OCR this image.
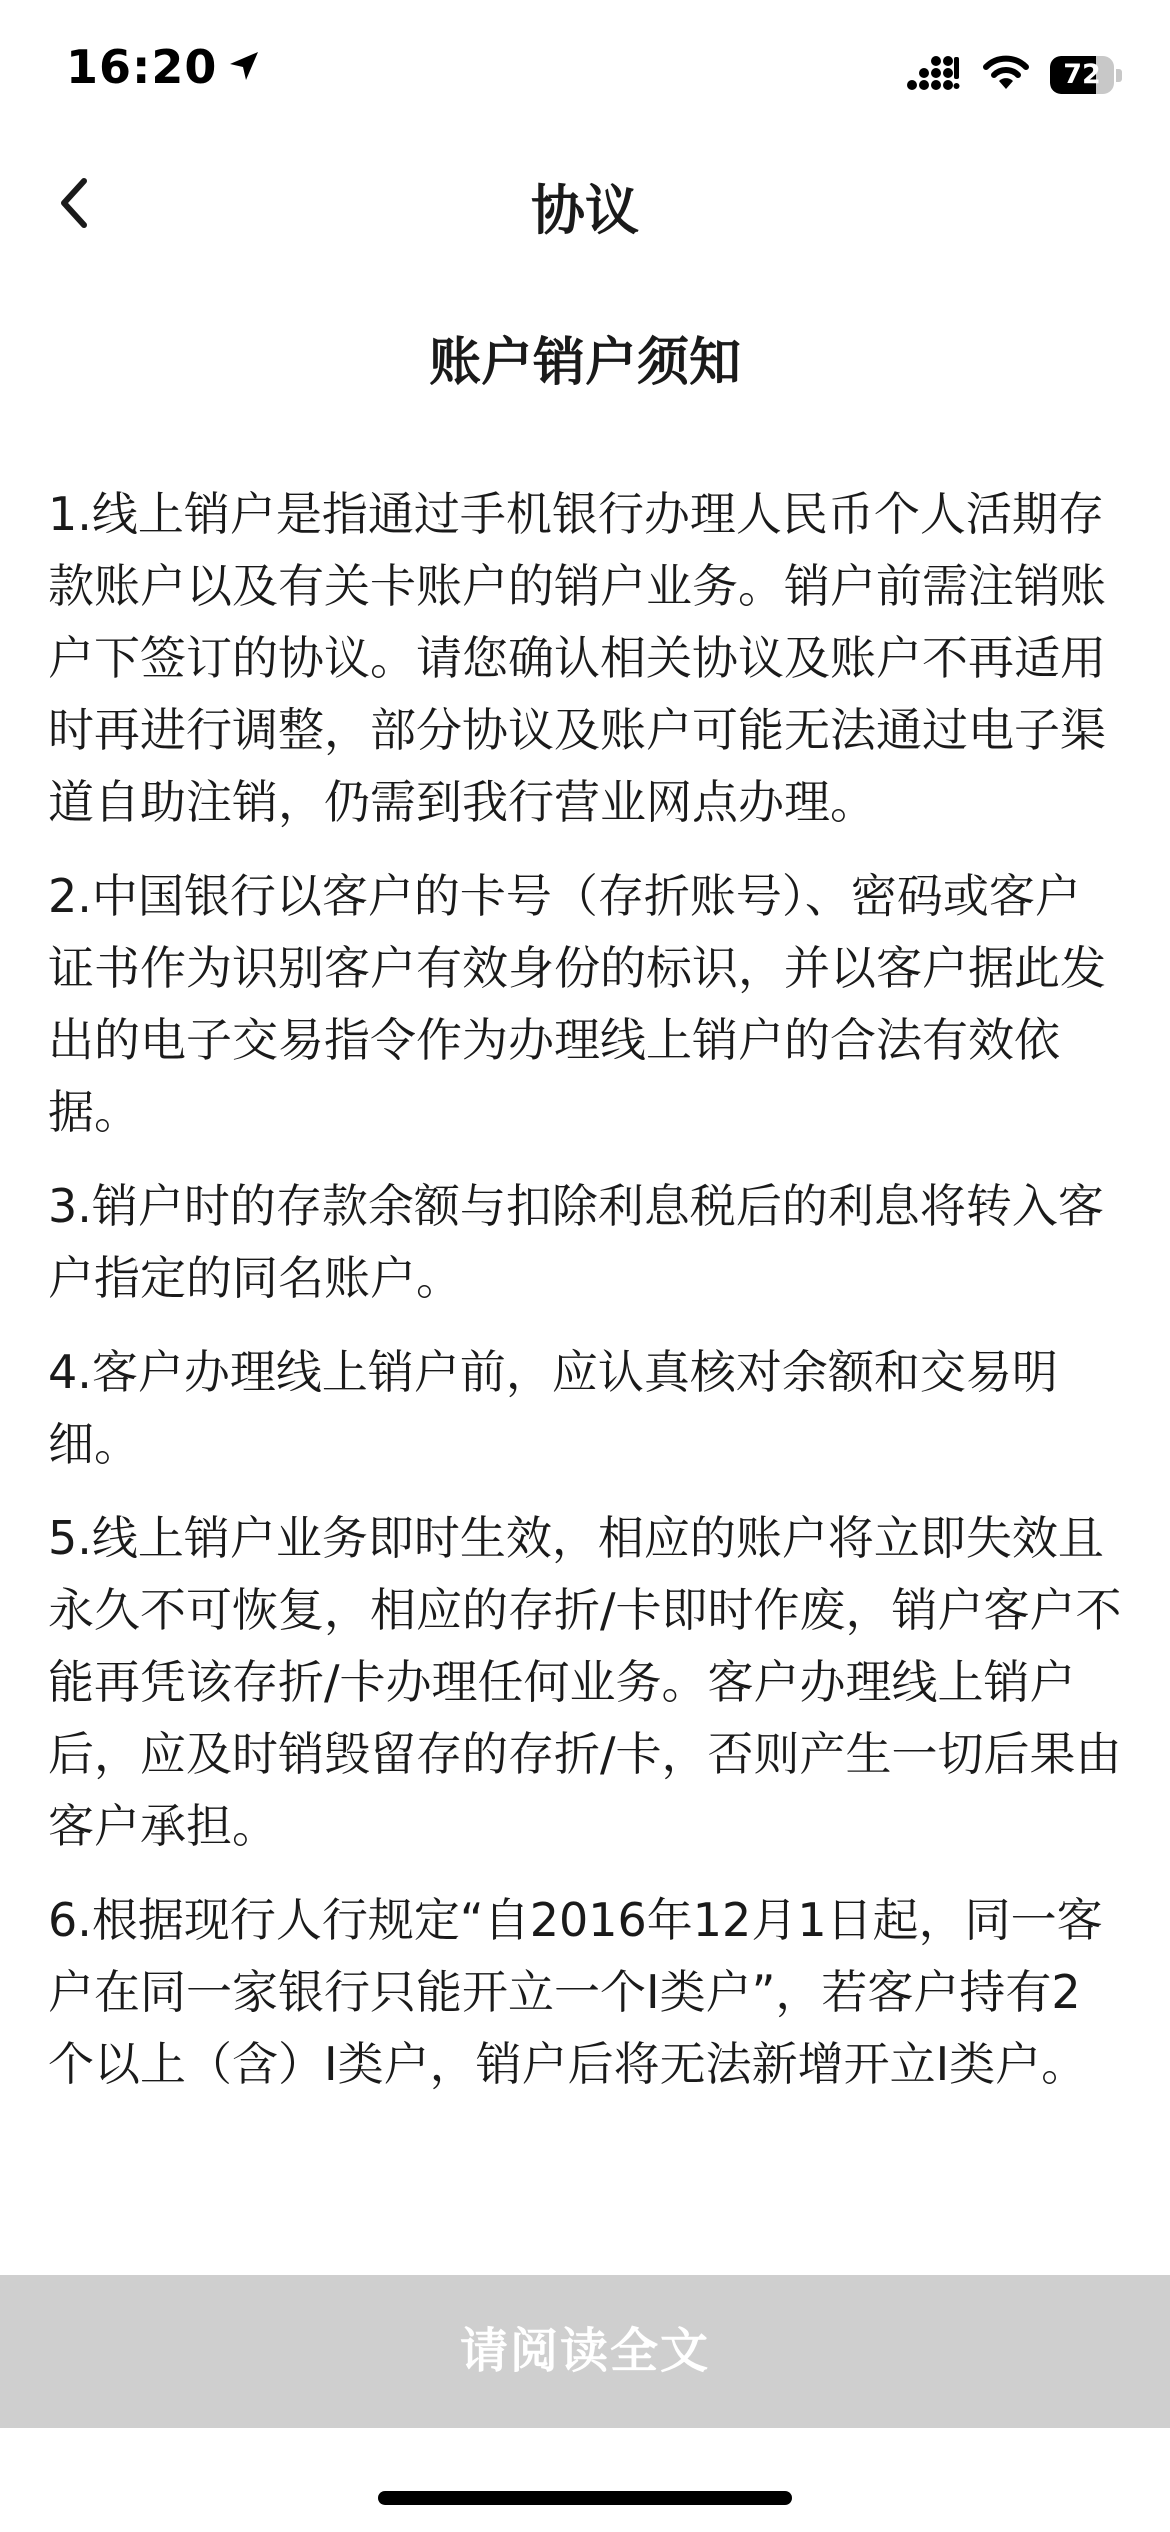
16:20	72
协议
账户销户须知

1.线上销户是指通过手机银行办理人民币个人活期存款账户以及有关卡账户的销户业务。销户前需注销账户下签订的协议。请您确认相关协议及账户不再适用时再进行调整，部分协议及账户可能无法通过电子渠道自助注销，仍需到我行营业网点办理。

2.中国银行以客户的卡号（存折账号）、密码或客户证书作为识别客户有效身份的标识，并以客户据此发出的电子交易指令作为办理线上销户的合法有效依据。

3.销户时的存款余额与扣除利息税后的利息将转入客户指定的同名账户。

4.客户办理线上销户前，应认真核对余额和交易明细。

5.线上销户业务即时生效，相应的账户将立即失效且永久不可恢复，相应的存折/卡即时作废，销户客户不能再凭该存折/卡办理任何业务。客户办理线上销户后，应及时销毁留存的存折/卡，否则产生一切后果由客户承担。

6.根据现行人行规定“自2016年12月1日起，同一客户在同一家银行只能开立一个I类户”，若客户持有2个以上（含）I类户，销户后将无法新增开立I类户。

请阅读全文
